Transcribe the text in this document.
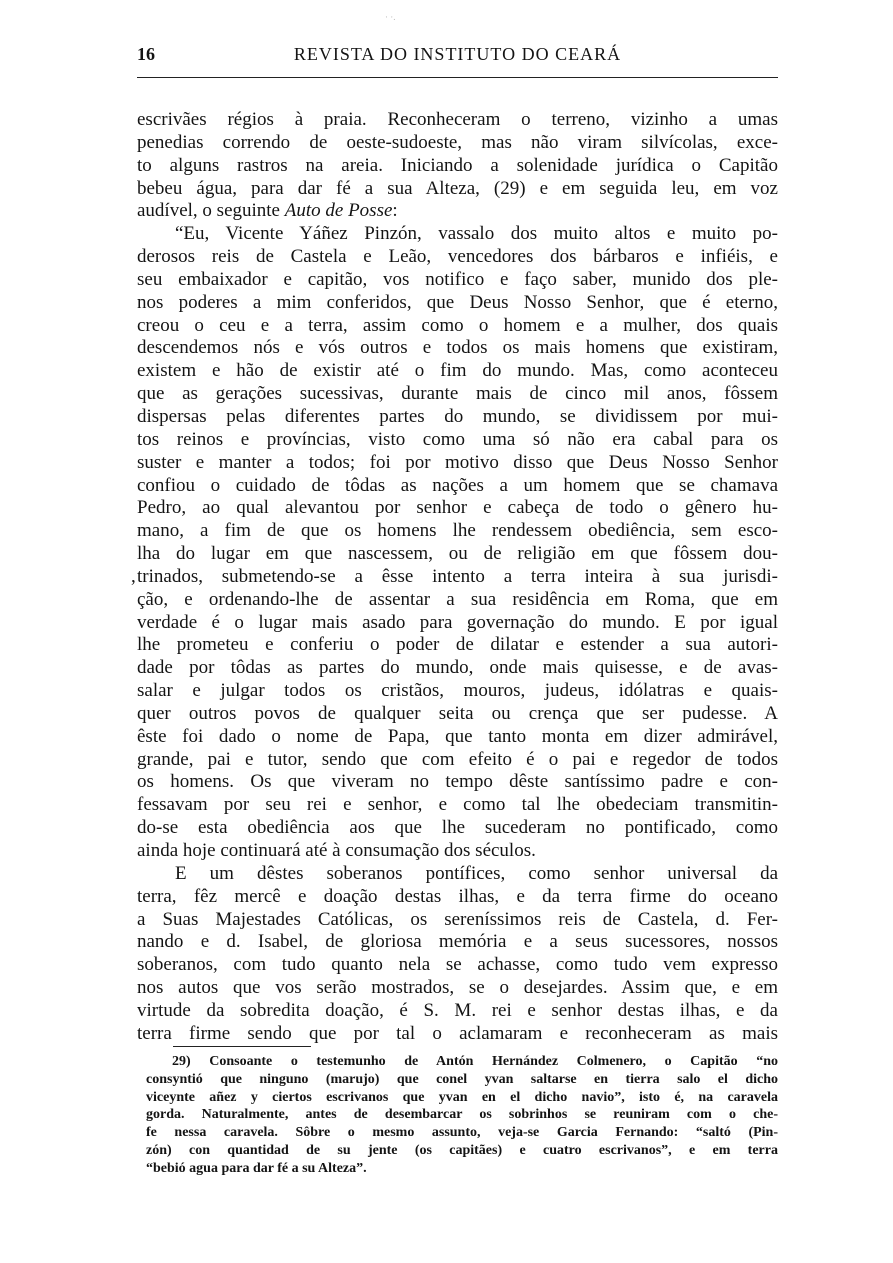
· ·.
16	REVISTA DO INSTITUTO DO CEARÁ
escrivães régios à praia. Reconheceram o terreno, vizinho a umas
penedias correndo de oeste-sudoeste, mas não viram silvícolas, exce-
to alguns rastros na areia. Iniciando a solenidade jurídica o Capitão
bebeu água, para dar fé a sua Alteza, (29) e em seguida leu, em voz
audível, o seguinte Auto de Posse:
“Eu, Vicente Yáñez Pinzón, vassalo dos muito altos e muito po-
derosos reis de Castela e Leão, vencedores dos bárbaros e infiéis, e
seu embaixador e capitão, vos notifico e faço saber, munido dos ple-
nos poderes a mim conferidos, que Deus Nosso Senhor, que é eterno,
creou o ceu e a terra, assim como o homem e a mulher, dos quais
descendemos nós e vós outros e todos os mais homens que existiram,
existem e hão de existir até o fim do mundo. Mas, como aconteceu
que as gerações sucessivas, durante mais de cinco mil anos, fôssem
dispersas pelas diferentes partes do mundo, se dividissem por mui-
tos reinos e províncias, visto como uma só não era cabal para os
suster e manter a todos; foi por motivo disso que Deus Nosso Senhor
confiou o cuidado de tôdas as nações a um homem que se chamava
Pedro, ao qual alevantou por senhor e cabeça de todo o gênero hu-
mano, a fim de que os homens lhe rendessem obediência, sem esco-
lha do lugar em que nascessem, ou de religião em que fôssem dou-
, trinados, submetendo-se a êsse intento a terra inteira à sua jurisdi-
ção, e ordenando-lhe de assentar a sua residência em Roma, que em
verdade é o lugar mais asado para governação do mundo. E por igual
lhe prometeu e conferiu o poder de dilatar e estender a sua autori-
dade por tôdas as partes do mundo, onde mais quisesse, e de avas-
salar e julgar todos os cristãos, mouros, judeus, idólatras e quais-
quer outros povos de qualquer seita ou crença que ser pudesse. A
êste foi dado o nome de Papa, que tanto monta em dizer admirável,
grande, pai e tutor, sendo que com efeito é o pai e regedor de todos
os homens. Os que viveram no tempo dêste santíssimo padre e con-
fessavam por seu rei e senhor, e como tal lhe obedeciam transmitin-
do-se esta obediência aos que lhe sucederam no pontificado, como
ainda hoje continuará até à consumação dos séculos.
E um dêstes soberanos pontífices, como senhor universal da
terra, fêz mercê e doação destas ilhas, e da terra firme do oceano
a Suas Majestades Católicas, os sereníssimos reis de Castela, d. Fer-
nando e d. Isabel, de gloriosa memória e a seus sucessores, nossos
soberanos, com tudo quanto nela se achasse, como tudo vem expresso
nos autos que vos serão mostrados, se o desejardes. Assim que, e em
virtude da sobredita doação, é S. M. rei e senhor destas ilhas, e da
terra firme sendo que por tal o aclamaram e reconheceram as mais
29) Consoante o testemunho de Antón Hernández Colmenero, o Capitão “no
consyntió que ninguno (marujo) que conel yvan saltarse en tierra salo el dicho
viceynte añez y ciertos escrivanos que yvan en el dicho navio”, isto é, na caravela
gorda. Naturalmente, antes de desembarcar os sobrinhos se reuniram com o che-
fe nessa caravela. Sôbre o mesmo assunto, veja-se Garcia Fernando: “saltó (Pin-
zón) con quantidad de su jente (os capitães) e cuatro escrivanos”, e em terra
“bebió agua para dar fé a su Alteza”.
